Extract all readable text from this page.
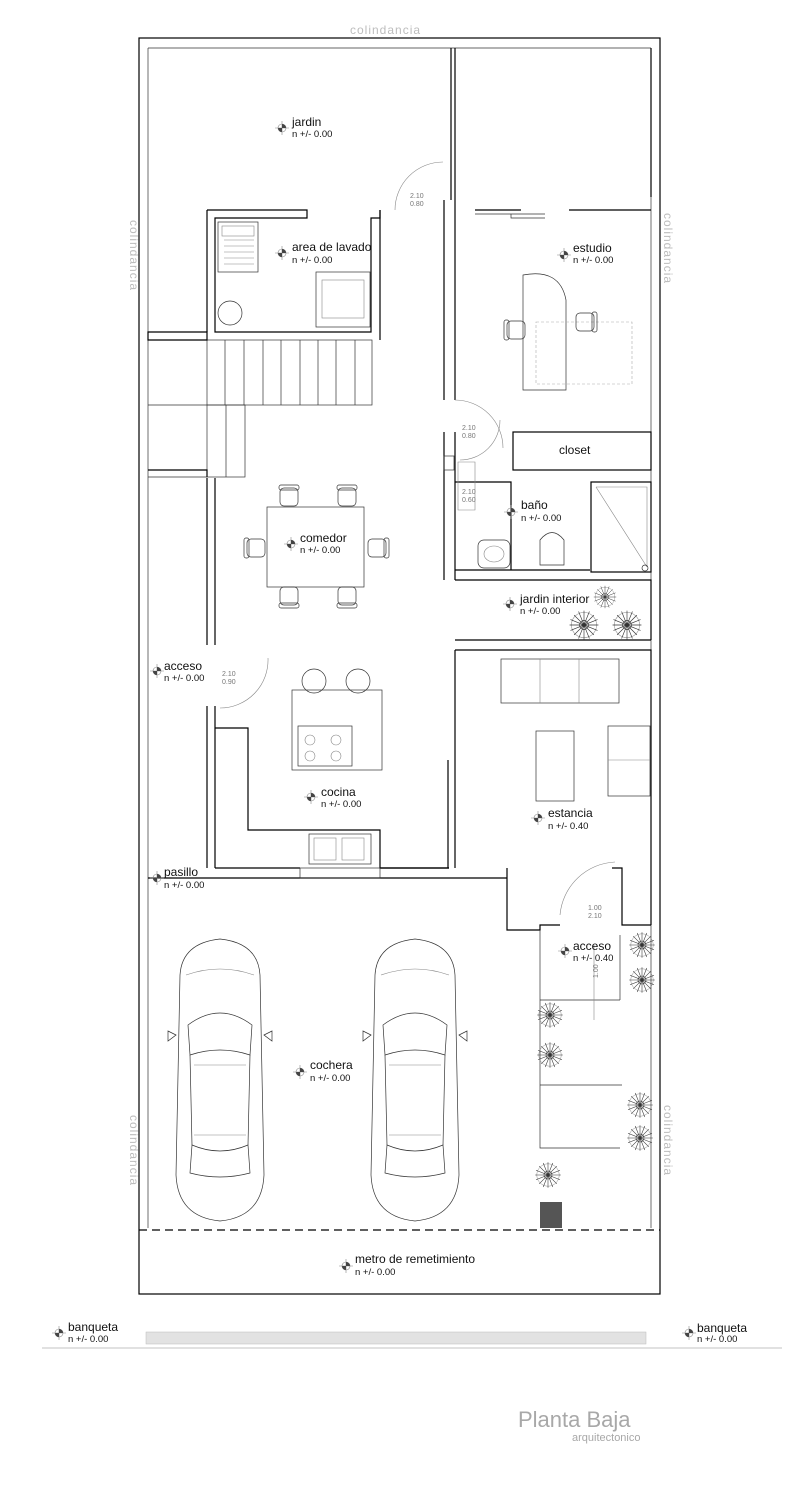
colindancia
colindancia	colindancia
colindancia	colindancia
2.10
0.80
2.10
0.80
2.10
0.60
2.10
0.90
1.00
2.10
1.00
jardin
n +/- 0.00
area de lavado
n +/- 0.00
estudio
n +/- 0.00
closet
baño
n +/- 0.00
comedor
n +/- 0.00
jardin interior
n +/- 0.00
acceso
n +/- 0.00
cocina
n +/- 0.00
estancia
n +/- 0.40
pasillo
n +/- 0.00
acceso
n +/- 0.40
cochera
n +/- 0.00
metro de remetimiento
n +/- 0.00
banqueta
n +/- 0.00
banqueta
n +/- 0.00
Planta Baja
arquitectonico
